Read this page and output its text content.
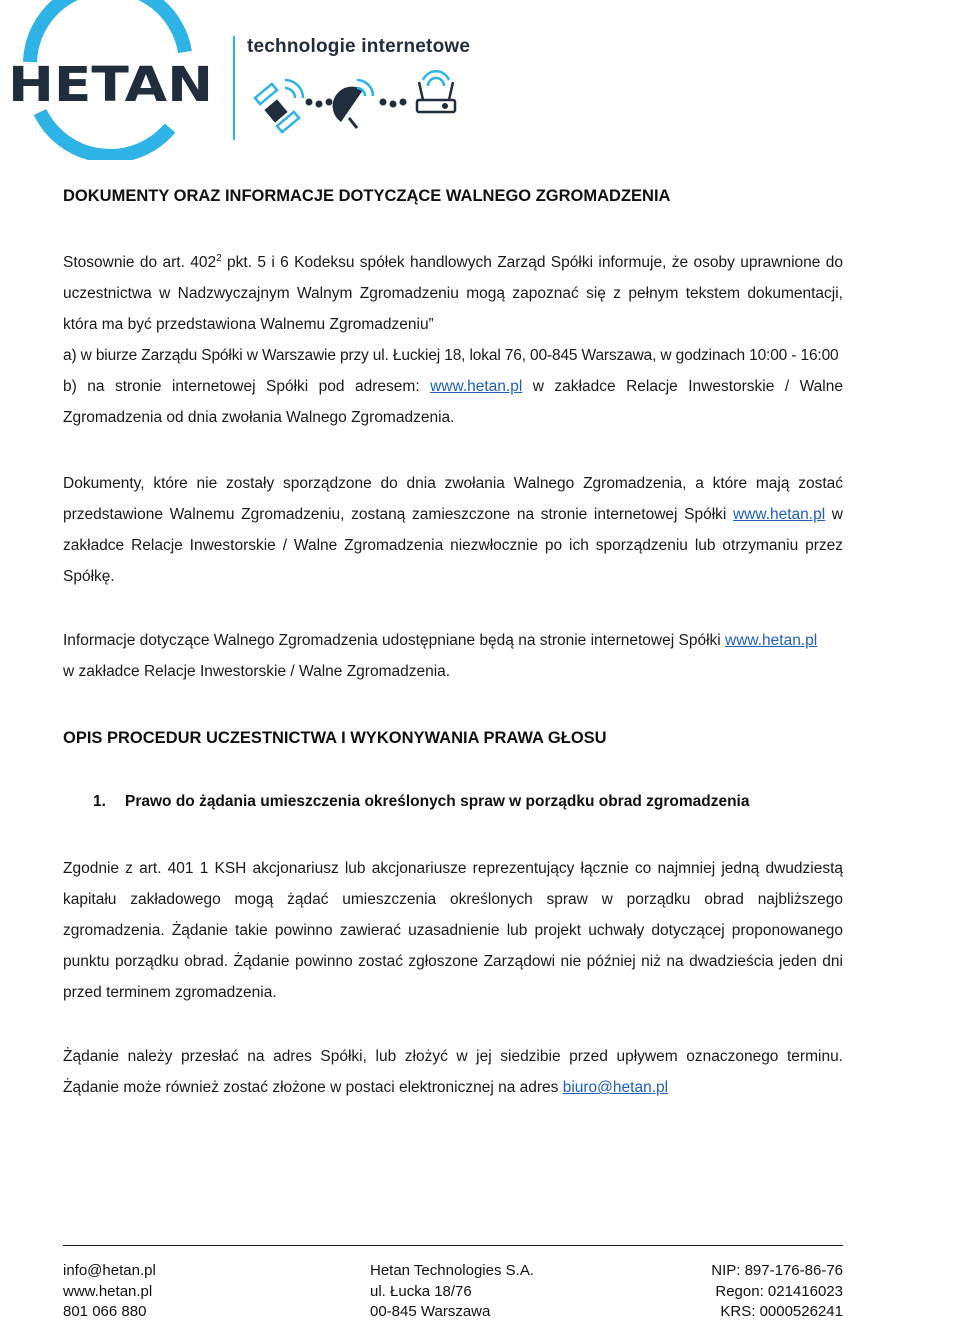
HETAN
technologie internetowe
DOKUMENTY ORAZ INFORMACJE DOTYCZĄCE WALNEGO ZGROMADZENIA
Stosownie do art. $402^2$ pkt. 5 i 6 Kodeksu spółek handlowych Zarząd Spółki informuje, że osoby uprawnione do uczestnictwa w Nadzwyczajnym Walnym Zgromadzeniu mogą zapoznać się z pełnym tekstem dokumentacji, która ma być przedstawiona Walnemu Zgromadzeniu”
a) w biurze Zarządu Spółki w Warszawie przy ul. Łuckiej 18, lokal 76, 00-845 Warszawa, w godzinach 10:00 - 16:00
b) na stronie internetowej Spółki pod adresem: www.hetan.pl w zakładce Relacje Inwestorskie / Walne Zgromadzenia od dnia zwołania Walnego Zgromadzenia.
Dokumenty, które nie zostały sporządzone do dnia zwołania Walnego Zgromadzenia, a które mają zostać przedstawione Walnemu Zgromadzeniu, zostaną zamieszczone na stronie internetowej Spółki www.hetan.pl w zakładce Relacje Inwestorskie / Walne Zgromadzenia niezwłocznie po ich sporządzeniu lub otrzymaniu przez Spółkę.
Informacje dotyczące Walnego Zgromadzenia udostępniane będą na stronie internetowej Spółki www.hetan.pl
w zakładce Relacje Inwestorskie / Walne Zgromadzenia.
OPIS PROCEDUR UCZESTNICTWA I WYKONYWANIA PRAWA GŁOSU
1. Prawo do żądania umieszczenia określonych spraw w porządku obrad zgromadzenia
Zgodnie z art. 401 1 KSH akcjonariusz lub akcjonariusze reprezentujący łącznie co najmniej jedną dwudziestą kapitału zakładowego mogą żądać umieszczenia określonych spraw w porządku obrad najbliższego zgromadzenia. Żądanie takie powinno zawierać uzasadnienie lub projekt uchwały dotyczącej proponowanego punktu porządku obrad. Żądanie powinno zostać zgłoszone Zarządowi nie później niż na dwadzieścia jeden dni przed terminem zgromadzenia.
Żądanie należy przesłać na adres Spółki, lub złożyć w jej siedzibie przed upływem oznaczonego terminu. Żądanie może również zostać złożone w postaci elektronicznej na adres biuro@hetan.pl
info@hetan.pl
www.hetan.pl
801 066 880
Hetan Technologies S.A.
ul. Łucka 18/76
00-845 Warszawa
NIP: 897-176-86-76
Regon: 021416023
KRS: 0000526241
